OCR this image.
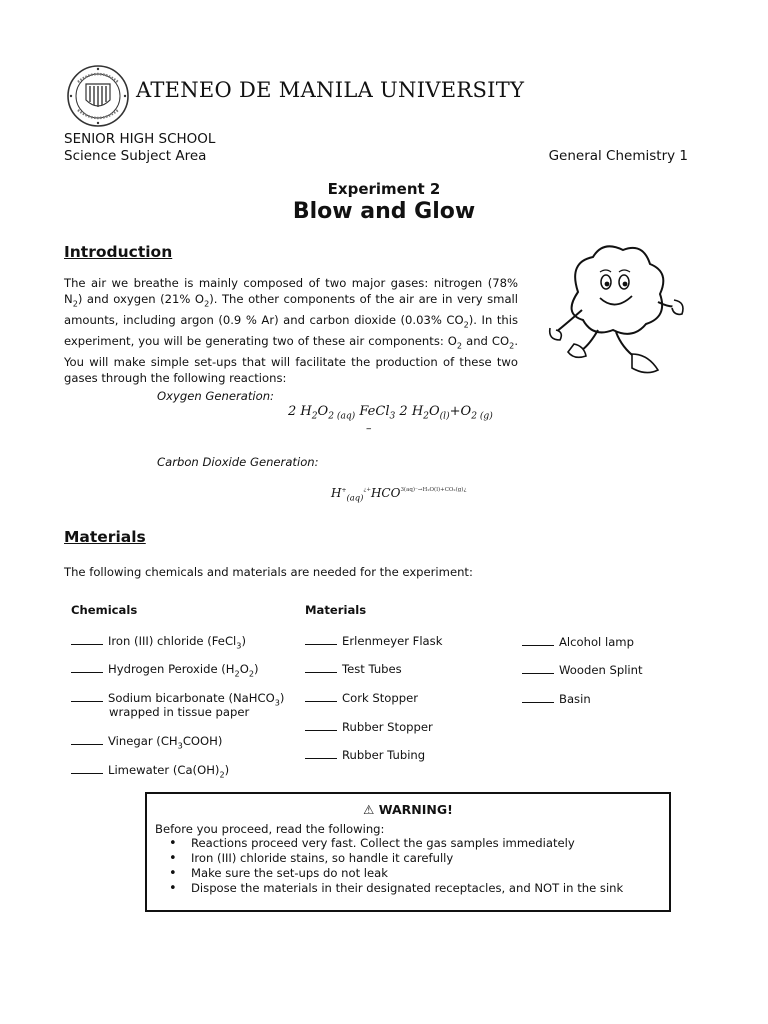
ATENEO DE MANILA UNIVERSITY
SENIOR HIGH SCHOOL
Science Subject Area	General Chemistry 1
Experiment 2
Blow and Glow
Introduction
The air we breathe is mainly composed of two major gases: nitrogen (78% $N_2$) and oxygen (21% $O_2$). The other components of the air are in very small amounts, including argon (0.9 % Ar) and carbon dioxide (0.03% $CO_2$). In this experiment, you will be generating two of these air components: $O_2$ and $CO_2$. You will make simple set-ups that will facilitate the production of these two gases through the following reactions:
Oxygen Generation:
2 $H_2O_{2 (aq)}$ FeCl$_3$ 2 $H_2O_{(l)}+O_{2 (g)}$
–
Carbon Dioxide Generation:
$H^+_{(aq)}^{¿+}HCO^{3(aq)^-\to H_2O(l)+CO_2(g)¿}$
Materials
The following chemicals and materials are needed for the experiment:
Chemicals	Materials
Iron (III) chloride (FeCl$_3$)
Hydrogen Peroxide $(H_2O_2)$
Sodium bicarbonate (NaHCO$_3$)
wrapped in tissue paper
Vinegar $(CH_3COOH)$
Limewater $(Ca(OH)_2)$
Erlenmeyer Flask
Test Tubes
Cork Stopper
Rubber Stopper
Rubber Tubing
Alcohol lamp
Wooden Splint
Basin
⚠ WARNING!
Before you proceed, read the following:
• Reactions proceed very fast. Collect the gas samples immediately
• Iron (III) chloride stains, so handle it carefully
• Make sure the set-ups do not leak
• Dispose the materials in their designated receptacles, and NOT in the sink
